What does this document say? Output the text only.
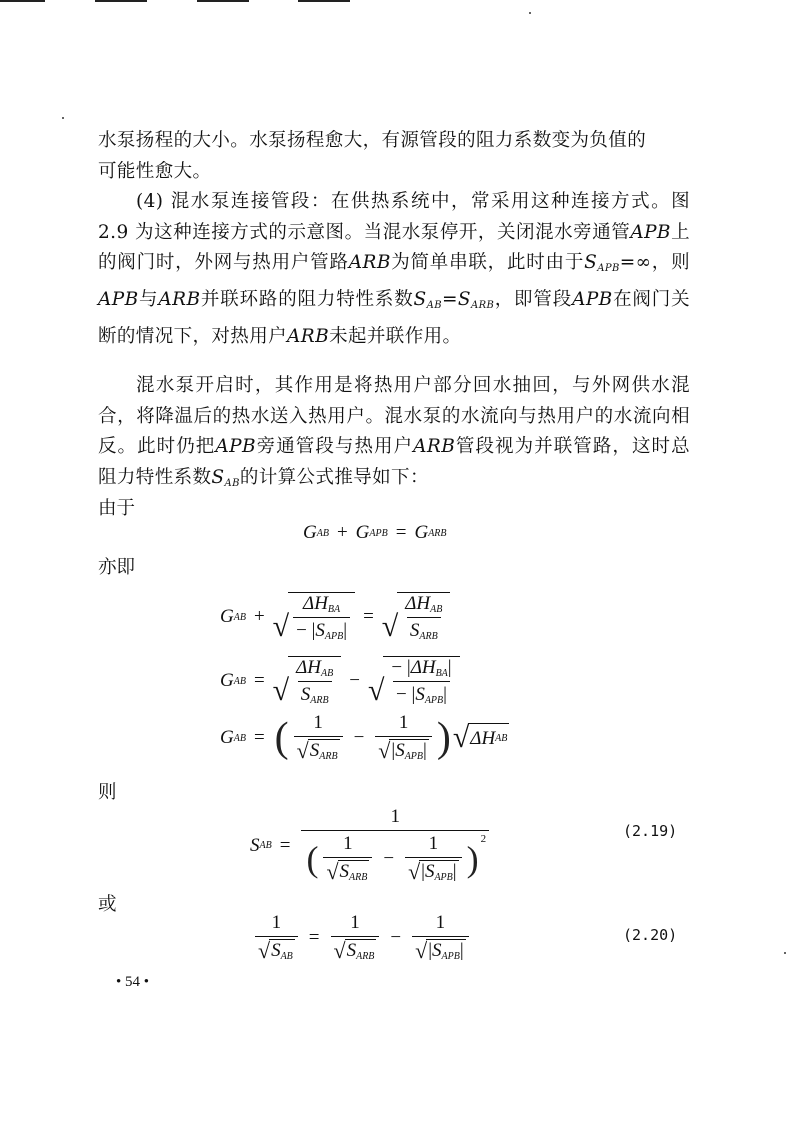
水泵扬程的大小。水泵扬程愈大，有源管段的阻力系数变为负值的
可能性愈大。

(4) 混水泵连接管段：在供热系统中，常采用这种连接方式。图 2.9 为这种连接方式的示意图。当混水泵停开，关闭混水旁通管APB上的阀门时，外网与热用户管路ARB为简单串联，此时由于$S_{APB}=\infty$，则APB与ARB并联环路的阻力特性系数$S_{AB}=S_{ARB}$，即管段APB在阀门关断的情况下，对热用户ARB未起并联作用。

混水泵开启时，其作用是将热用户部分回水抽回，与外网供水混合，将降温后的热水送入热用户。混水泵的水流向与热用户的水流向相反。此时仍把APB旁通管段与热用户ARB管段视为并联管路，这时总阻力特性系数$S_{AB}$的计算公式推导如下：

由于

G AB + G APB = G ARB

亦即

G AB + √ $\frac{\Delta H_{BA}}{- |S_{APB}|}$ = √ $\frac{\Delta H_{AB}}{S_{ARB}}$
G AB = √ $\frac{\Delta H_{AB}}{S_{ARB}}$ − √ $\frac{- |\Delta H_{BA}|}{- |S_{APB}|}$
G AB = ( $\frac{1}{√ S_{ARB}} - \frac{1}{√ |S_{APB}|}$ ) √ ΔH AB

则

S AB =
1
( $\frac{1}{√ S_{ARB}} - \frac{1}{√ |S_{APB}|} )^2$	(2.19)

或

$\frac{1}{√ S_{AB}} = \frac{1}{√ S_{ARB}} - \frac{1}{√ |S_{APB}|}$	(2.20)
• 54 •
